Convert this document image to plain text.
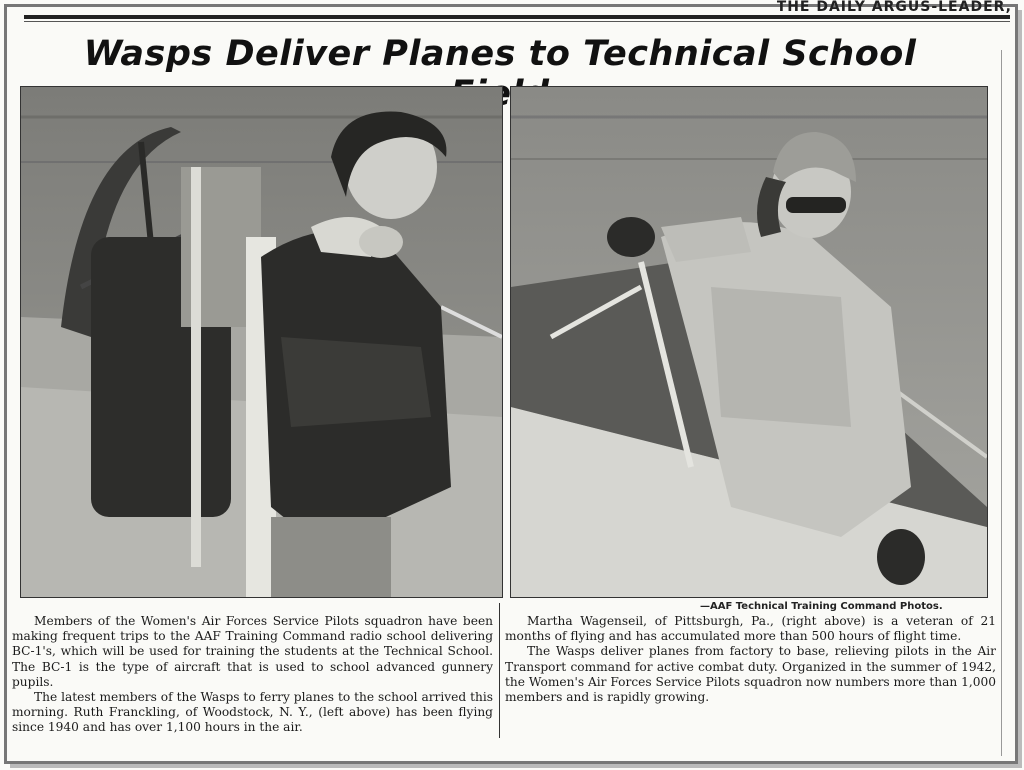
THE DAILY ARGUS-LEADER,
Wasps Deliver Planes to Technical School
—AAF Technical Training Command Photos.

Members of the Women's Air Forces Service Pilots squadron have been making frequent trips to the AAF Training Command radio school delivering BC-1's, which will be used for training the students at the Technical School. The BC-1 is the type of aircraft that is used to school advanced gunnery pupils.

The latest members of the Wasps to ferry planes to the school arrived this morning. Ruth Franckling, of Woodstock, N. Y., (left above) has been flying since 1940 and has over 1,100 hours in the air.

Martha Wagenseil, of Pittsburgh, Pa., (right above) is a veteran of 21 months of flying and has accumulated more than 500 hours of flight time.

The Wasps deliver planes from factory to base, relieving pilots in the Air Transport command for active combat duty. Organized in the summer of 1942, the Women's Air Forces Service Pilots squadron now numbers more than 1,000 members and is rapidly growing.
